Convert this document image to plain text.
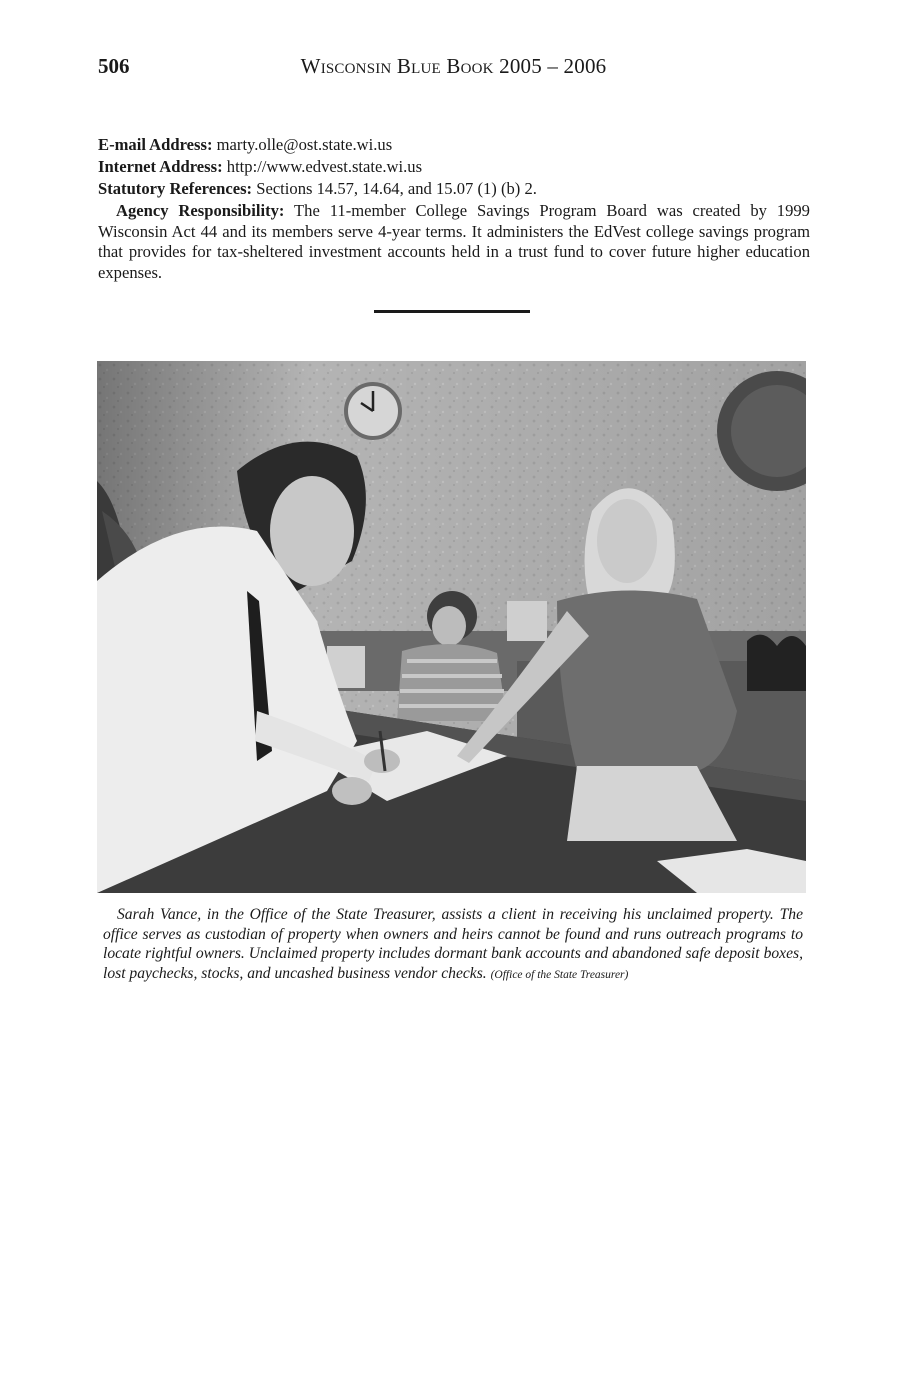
506	Wisconsin Blue Book 2005 – 2006
E-mail Address: marty.olle@ost.state.wi.us
Internet Address: http://www.edvest.state.wi.us
Statutory References: Sections 14.57, 14.64, and 15.07 (1) (b) 2.

Agency Responsibility: The 11-member College Savings Program Board was created by 1999 Wisconsin Act 44 and its members serve 4-year terms. It administers the EdVest college savings program that provides for tax-sheltered investment accounts held in a trust fund to cover future higher education expenses.

Sarah Vance, in the Office of the State Treasurer, assists a client in receiving his unclaimed property. The office serves as custodian of property when owners and heirs cannot be found and runs outreach programs to locate rightful owners. Unclaimed property includes dormant bank accounts and abandoned safe deposit boxes, lost paychecks, stocks, and uncashed business vendor checks. (Office of the State Treasurer)
